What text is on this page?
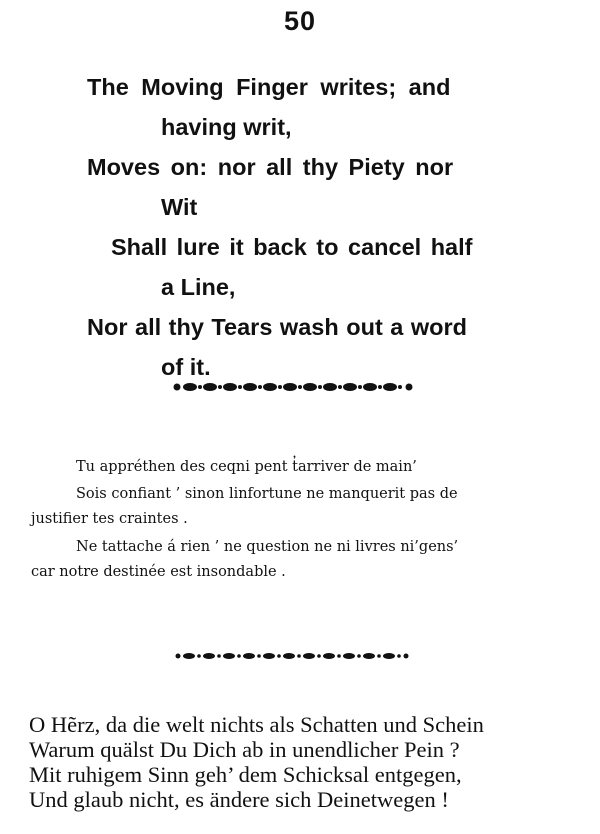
50
The Moving Finger writes; and
having writ,
Moves on: nor all thy Piety nor
Wit
Shall lure it back to cancel half
a Line,
Nor all thy Tears wash out a word
of it.
Tu appréthen des ceqni pent t̓arriver de main’
Sois confiant ’ sinon linfortune ne manquerit pas de
justifier tes craintes .
Ne tattache á rien ’ ne question ne ni livres ni’gens’
car notre destinée est insondable .
O Hẽrz, da die welt nichts als Schatten und Schein
Warum quälst Du Dich ab in unendlicher Pein ?
Mit ruhigem Sinn geh’ dem Schicksal entgegen,
Und glaub nicht, es ändere sich Deinetwegen !
